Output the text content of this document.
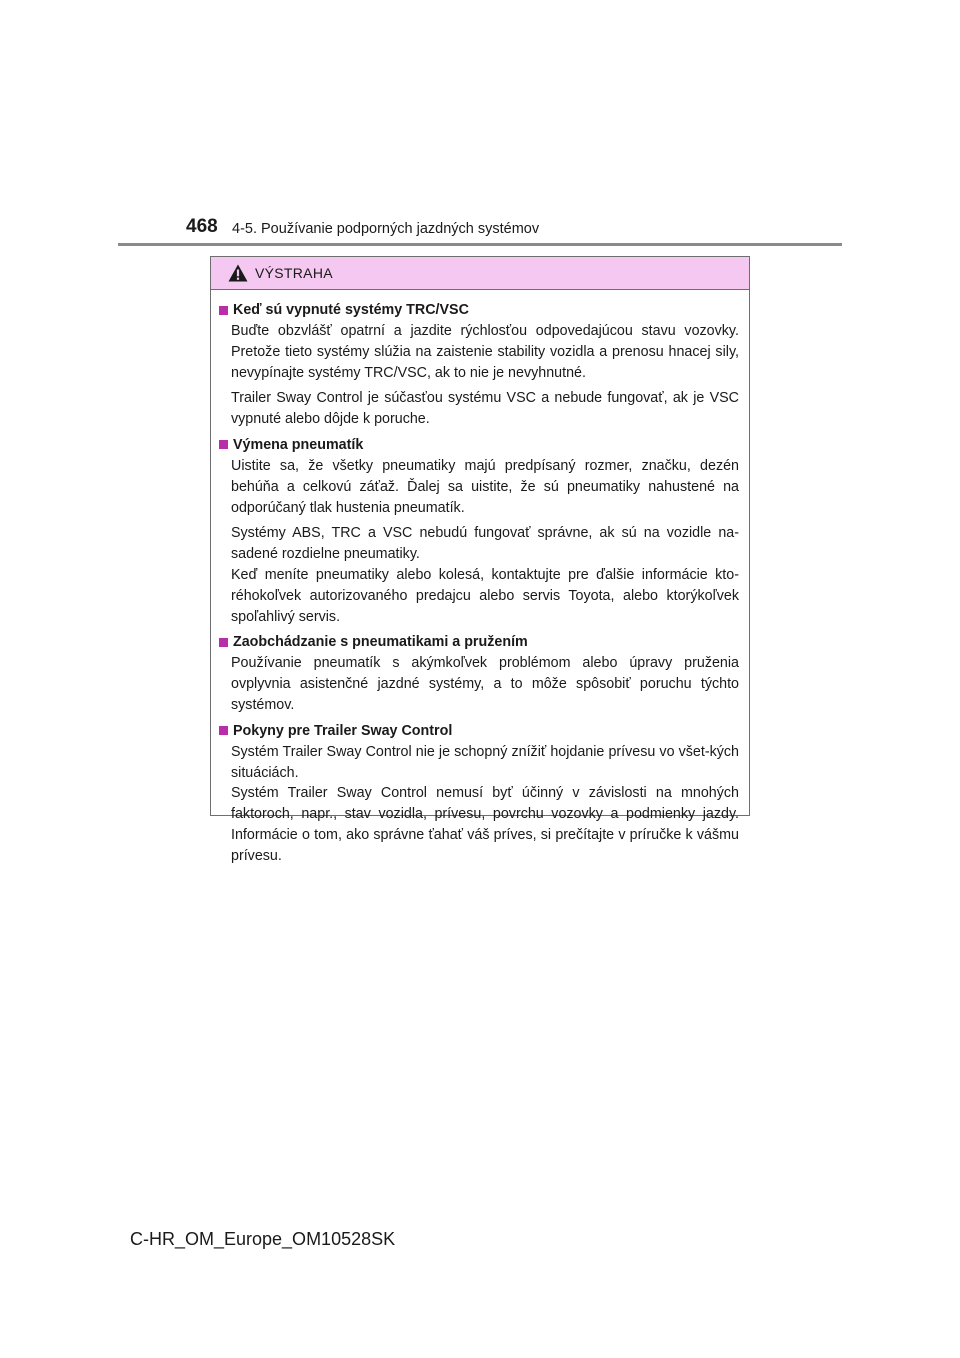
468 4-5. Používanie podporných jazdných systémov
VÝSTRAHA
Keď sú vypnuté systémy TRC/VSC

Buďte obzvlášť opatrní a jazdite rýchlosťou odpovedajúcou stavu vozovky. Pretože tieto systémy slúžia na zaistenie stability vozidla a prenosu hnacej sily, nevypínajte systémy TRC/VSC, ak to nie je nevyhnutné.

Trailer Sway Control je súčasťou systému VSC a nebude fungovať, ak je VSC vypnuté alebo dôjde k poruche.

Výmena pneumatík

Uistite sa, že všetky pneumatiky majú predpísaný rozmer, značku, dezén behúňa a celkovú záťaž. Ďalej sa uistite, že sú pneumatiky nahustené na odporúčaný tlak hustenia pneumatík.

Systémy ABS, TRC a VSC nebudú fungovať správne, ak sú na vozidle na-sadené rozdielne pneumatiky.
Keď meníte pneumatiky alebo kolesá, kontaktujte pre ďalšie informácie kto-réhokoľvek autorizovaného predajcu alebo servis Toyota, alebo ktorýkoľvek spoľahlivý servis.

Zaobchádzanie s pneumatikami a pružením

Používanie pneumatík s akýmkoľvek problémom alebo úpravy pruženia ovplyvnia asistenčné jazdné systémy, a to môže spôsobiť poruchu týchto systémov.

Pokyny pre Trailer Sway Control

Systém Trailer Sway Control nie je schopný znížiť hojdanie prívesu vo všet-kých situáciách.
Systém Trailer Sway Control nemusí byť účinný v závislosti na mnohých faktoroch, napr., stav vozidla, prívesu, povrchu vozovky a podmienky jazdy. Informácie o tom, ako správne ťahať váš príves, si prečítajte v príručke k vášmu prívesu.

C-HR_OM_Europe_OM10528SK
